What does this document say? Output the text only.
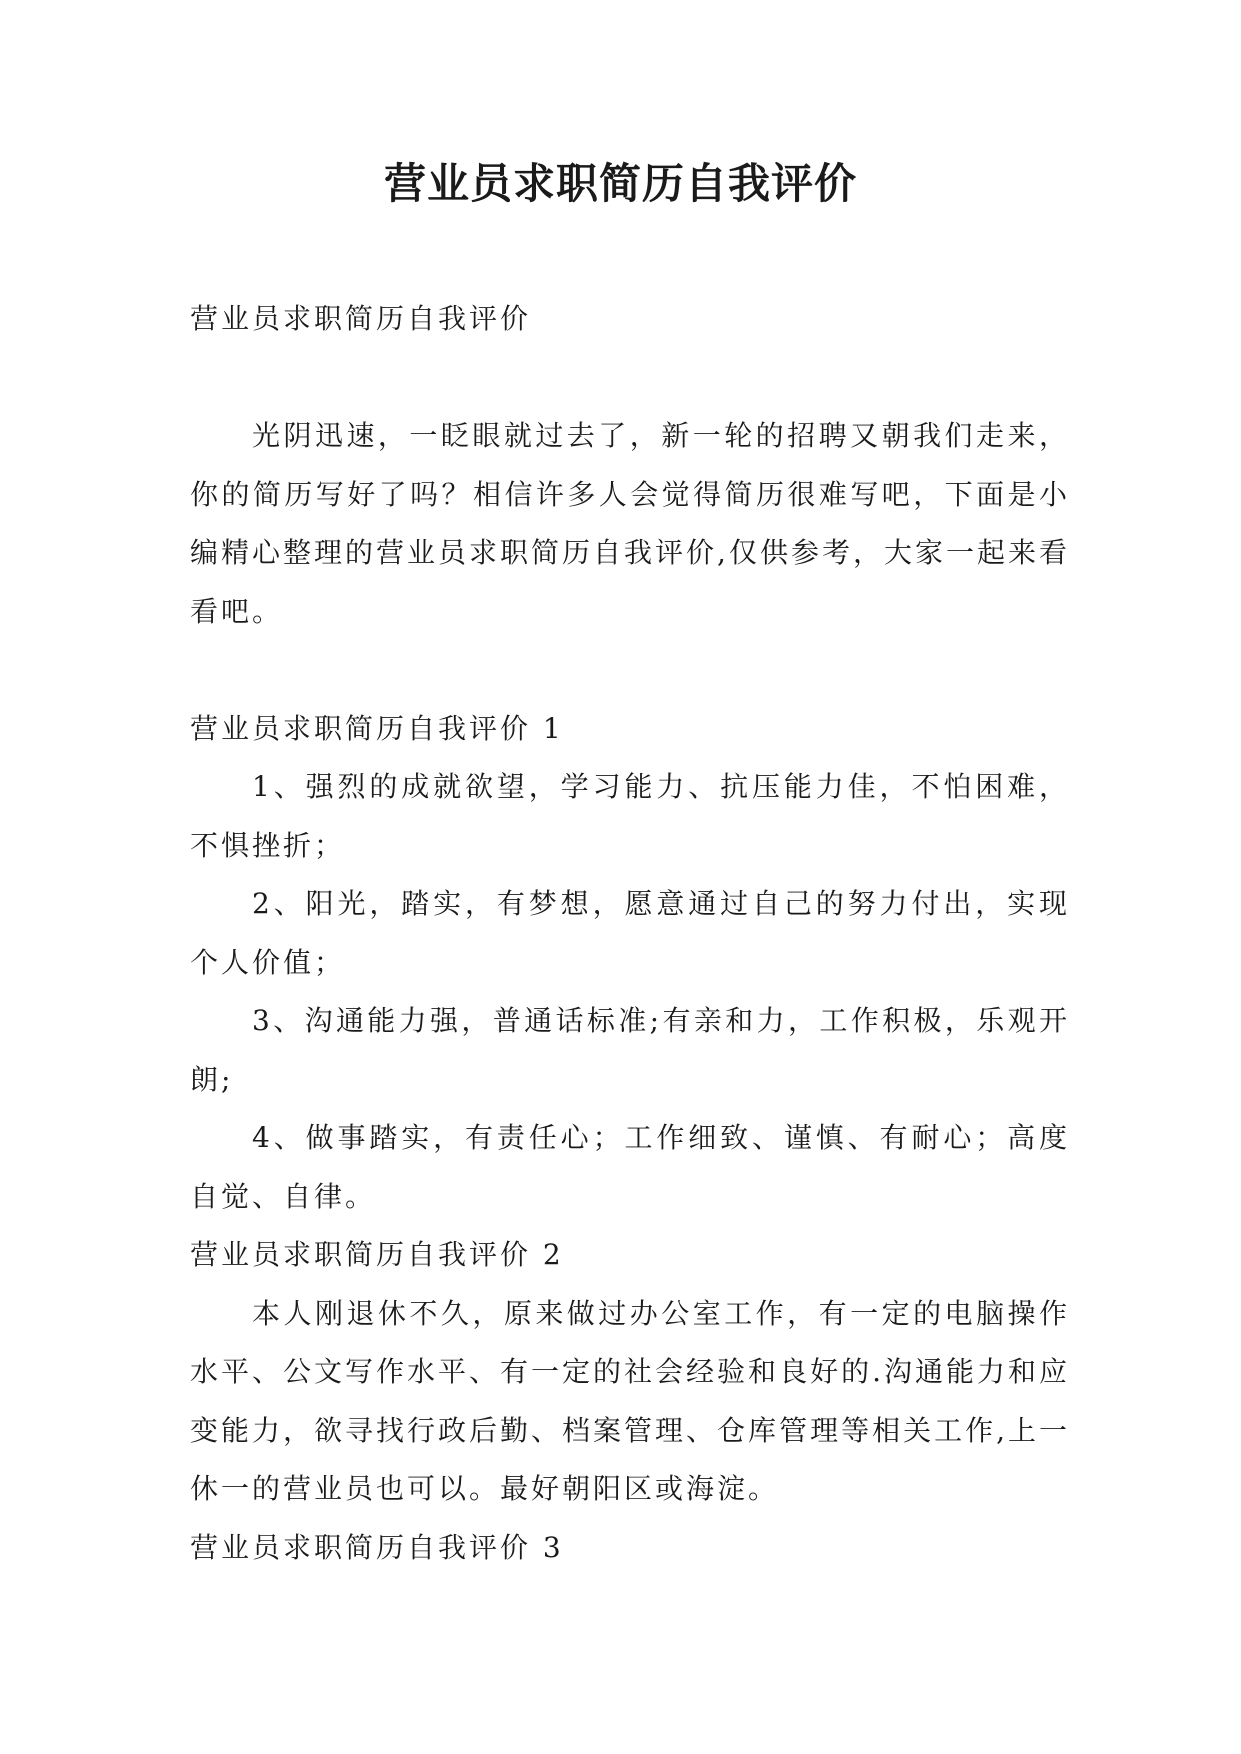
营业员求职简历自我评价

营业员求职简历自我评价

光阴迅速，一眨眼就过去了，新一轮的招聘又朝我们走来，你的简历写好了吗？相信许多人会觉得简历很难写吧，下面是小编精心整理的营业员求职简历自我评价,仅供参考，大家一起来看看吧。

营业员求职简历自我评价 1

1、强烈的成就欲望，学习能力、抗压能力佳，不怕困难，不惧挫折；

2、阳光，踏实，有梦想，愿意通过自己的努力付出，实现个人价值；

3、沟通能力强，普通话标准;有亲和力，工作积极，乐观开朗;

4、做事踏实，有责任心；工作细致、谨慎、有耐心；高度自觉、自律。

营业员求职简历自我评价 2

本人刚退休不久，原来做过办公室工作，有一定的电脑操作水平、公文写作水平、有一定的社会经验和良好的.沟通能力和应变能力，欲寻找行政后勤、档案管理、仓库管理等相关工作,上一休一的营业员也可以。最好朝阳区或海淀。

营业员求职简历自我评价 3
